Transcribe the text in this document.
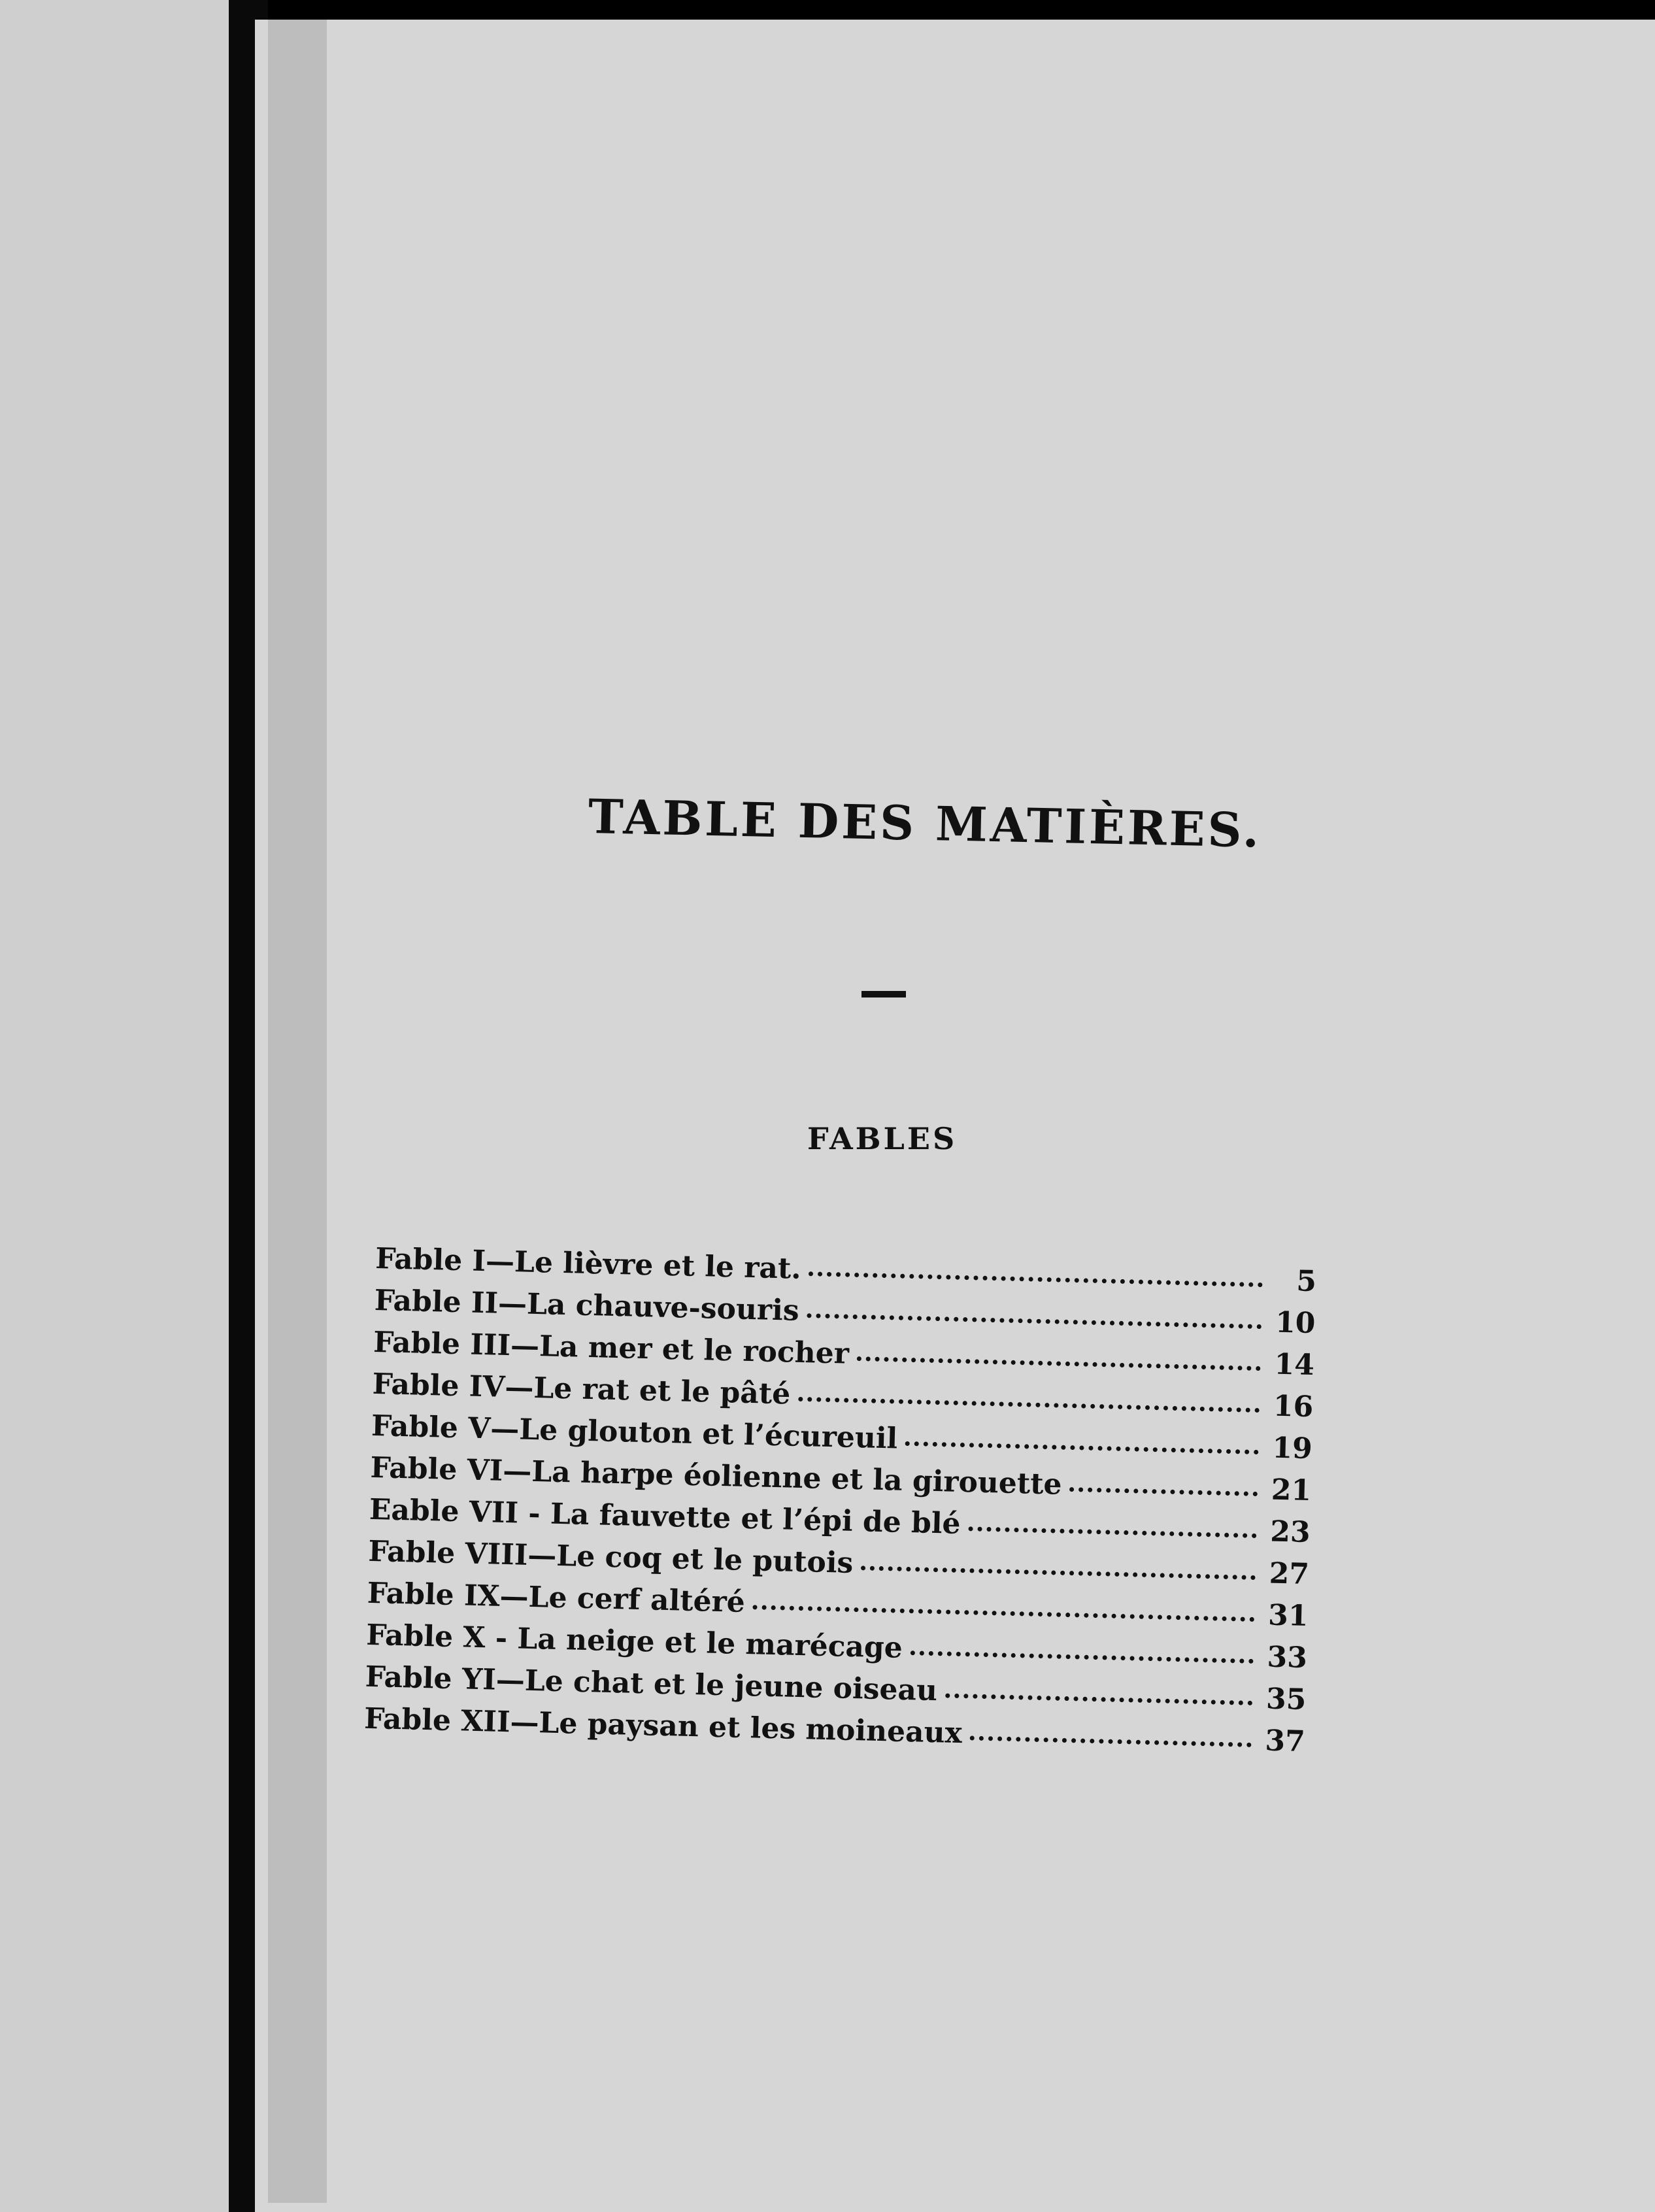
TABLE DES MATIÈRES.
FABLES
Fable I—Le lièvre et le rat.	5
Fable II—La chauve-souris	10
Fable III—La mer et le rocher	14
Fable IV—Le rat et le pâté	16
Fable V—Le glouton et l’écureuil	19
Fable VI—La harpe éolienne et la girouette	21
Eable VII - La fauvette et l’épi de blé	23
Fable VIII—Le coq et le putois	27
Fable IX—Le cerf altéré	31
Fable X - La neige et le marécage	33
Fable YI—Le chat et le jeune oiseau	35
Fable XII—Le paysan et les moineaux	37
